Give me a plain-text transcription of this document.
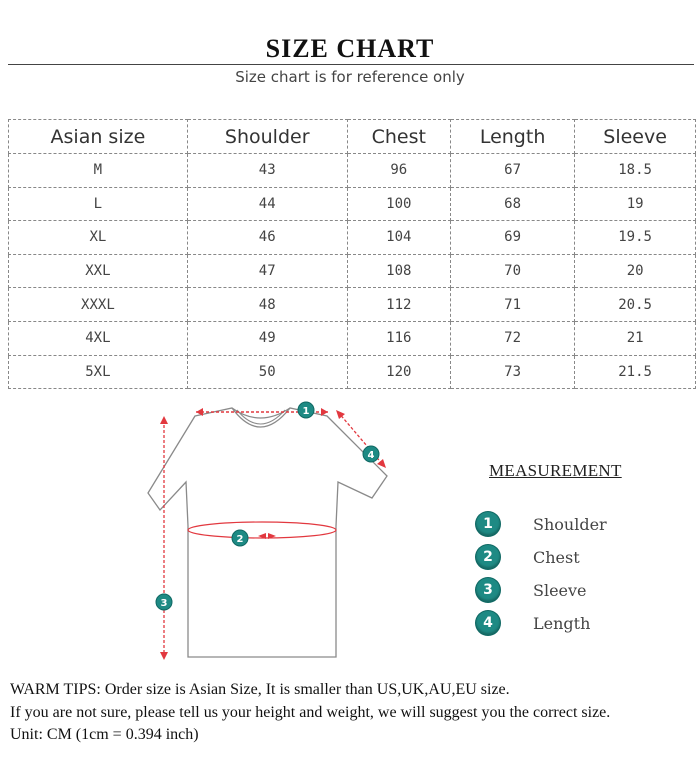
SIZE CHART
Size chart is for reference only
Asian size	Shoulder	Chest	Length	Sleeve
M	43	96	67	18.5
L	44	100	68	19
XL	46	104	69	19.5
XXL	47	108	70	20
XXXL	48	112	71	20.5
4XL	49	116	72	21
5XL	50	120	73	21.5
1
2
3
4
MEASUREMENT
1	Shoulder
2	Chest
3	Sleeve
4	Length

WARM TIPS: Order size is Asian Size, It is smaller than US,UK,AU,EU size.

If you are not sure, please tell us your height and weight, we will suggest you the correct size.

Unit: CM (1cm = 0.394 inch)
